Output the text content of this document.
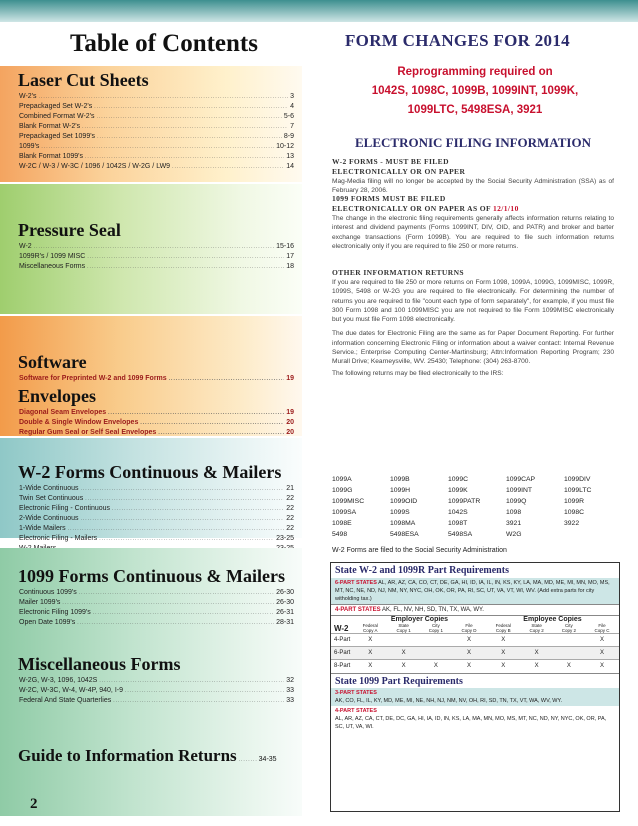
Table of Contents
Laser Cut Sheets
W-2's .....	3
Prepackaged Set W-2's .....	4
Combined Format W-2's .....	5-6
Blank Format W-2's .....	7
Prepackaged Set 1099's .....	8-9
1099's .....	10-12
Blank Format 1099's .....	13
W-2C / W-3 / W-3C / 1096 / 1042S / W-2G / LW9 .....	14
Pressure Seal
W-2 .....	15-16
1099R's / 1099 MISC .....	17
Miscellaneous Forms .....	18
Software
Software for Preprinted W-2 and 1099 Forms .....	19
Envelopes
Diagonal Seam Envelopes .....	19
Double & Single Window Envelopes .....	20
Regular Gum Seal or Self Seal Envelopes .....	20
W-2 Forms Continuous & Mailers
1-Wide Continuous .....	21
Twin Set Continuous .....	22
Electronic Filing - Continuous .....	22
2-Wide Continuous .....	22
1-Wide Mailers .....	22
Electronic Filing - Mailers .....	23-25
.....
1099 Forms Continuous & Mailers
Continuous 1099's .....	26-30
Mailer 1099's .....	26-30
Electronic Filing 1099's .....	26-31
Open Date 1099's .....	28-31
Miscellaneous Forms
W-2G, W-3, 1096, 1042S .....	32
W-2C, W-3C, W-4, W-4P, 940, I-9 .....	33
Federal And State Quarterlies .....	33
Guide to Information Returns .....	34-35
2
FORM CHANGES FOR 2014
Reprogramming required on
1042S, 1098C, 1099B, 1099INT, 1099K,
1099LTC, 5498ESA, 3921
ELECTRONIC FILING INFORMATION
W-2 FORMS - MUST BE FILED
ELECTRONICALLY OR ON PAPER
Mag-Media filing will no longer be accepted by the Social Security Administration (SSA) as of February 28, 2006.
1099 FORMS MUST BE FILED
ELECTRONICALLY OR ON PAPER AS OF 12/1/10
The change in the electronic filing requirements generally affects information returns relating to interest and dividend payments (Forms 1099INT, DIV, OID, and PATR) and broker and barter exchange transactions (Form 1099B). You are required to file such information returns electronically only if you are required to file 250 or more returns.
OTHER INFORMATION RETURNS
If you are required to file 250 or more returns on Form 1098, 1099A, 1099G, 1099MISC, 1099R, 1099S, 5498 or W-2G you are required to file electronically. For determining the number of returns you are required to file "count each type of form separately", for example, if you must file 300 Form 1098 and 100 1099MISC you are not required to file Form 1099MISC electronically but you must file Form 1098 electronically.
The due dates for Electronic Filing are the same as for Paper Document Reporting. For further information concerning Electronic Filing or information about a waiver contact: Internal Revenue Service.; Enterprise Computing Center-Martinsburg; Attn:Information Reporting Program; 230 Murall Drive; Kearneysville, WV. 25430; Telephone: (304) 263-8700.
The following returns may be filed electronically to the IRS:
1099A	1099B	1099C	1099CAP	1099DIV
1099G	1099H	1099K	1099INT	1099LTC
1099MISC	1099OID	1099PATR	1099Q	1099R
1099SA	1099S	1042S	1098	1098C
1098E	1098MA	1098T	3921	3922
5498	5498ESA	5498SA	W2G
W-2 Forms are filed to the Social Security Administration
State W-2 and 1099R Part Requirements
6-PART STATES AL, AR, AZ, CA, CO, CT, DE, GA, HI, ID, IA, IL, IN, KS, KY, LA, MA, MD, ME, MI, MN, MO, MS, MT, NC, NE, ND, NJ, NM, NY, NYC, OH, OK, OR, PA, RI, SC, UT, VA, VT, WI, WV. (Add extra parts for city witholding tax.)
4-PART STATES AK, FL, NV, NH, SD, TN, TX, WA, WY.
	Employer Copies				Employee Copies			
W-2	Federal	State	City	File	Federal	State	City	File
	Copy A	Copy 1	Copy 1	Copy D	Copy B	Copy 2	Copy 2	Copy C
4-Part	X			X	X			X
6-Part	X	X		X	X	X		X
8-Part	X	X	X	X	X	X	X	X
State 1099 Part Requirements
3-PART STATES
AK, CO, FL, IL, KY, MD, ME, MI, NE, NH, NJ, NM, NV, OH, RI, SD, TN, TX, VT, WA, WV, WY.
4-PART STATES
AL, AR, AZ, CA, CT, DE, DC, GA, HI, IA, ID, IN, KS, LA, MA, MN, MO, MS, MT, NC, ND, NY, NYC, OK, OR, PA, SC, UT, VA, WI.
